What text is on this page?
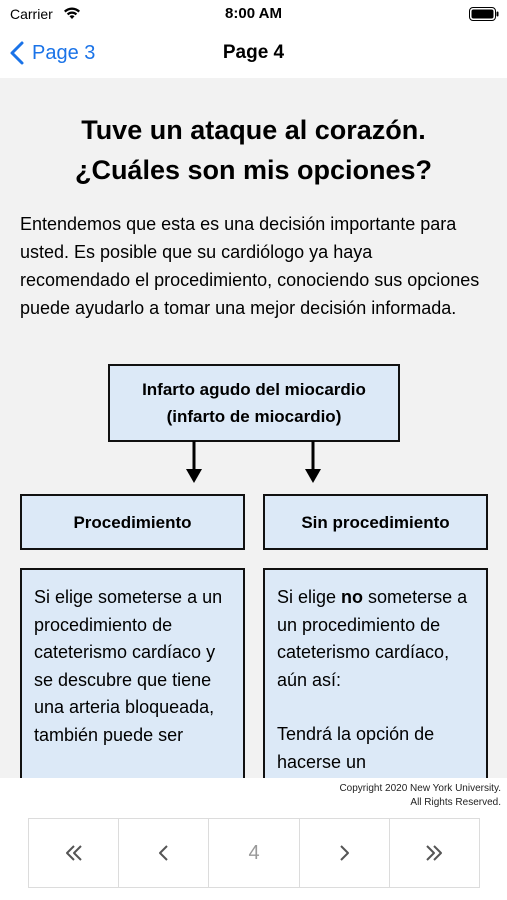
Carrier	8:00 AM
Page 3	Page 4
Tuve un ataque al corazón.
¿Cuáles son mis opciones?

Entendemos que esta es una decisión importante para usted. Es posible que su cardiólogo ya haya recomendado el procedimiento, conociendo sus opciones puede ayudarlo a tomar una mejor decisión informada.

Infarto agudo del miocardio
(infarto de miocardio)
Procedimiento	Sin procedimiento

Si elige someterse a un procedimiento de cateterismo cardíaco y se descubre que tiene una arteria bloqueada, también puede ser

Si elige no someterse a un procedimiento de cateterismo cardíaco, aún así:

Tendrá la opción de hacerse un

Copyright 2020 New York University.
All Rights Reserved.
4
